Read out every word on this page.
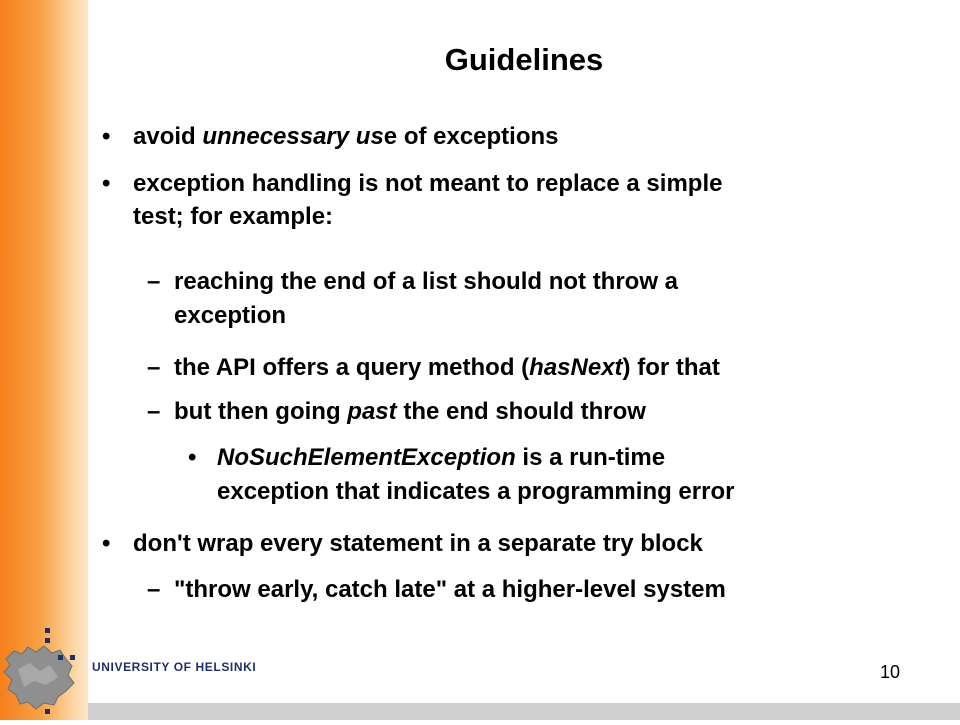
Guidelines
• avoid unnecessary use of exceptions
• exception handling is not meant to replace a simple
test; for example:
– reaching the end of a list should not throw a
exception
– the API offers a query method (hasNext) for that
– but then going past the end should throw
• NoSuchElementException is a run-time
exception that indicates a programming error
• don't wrap every statement in a separate try block
– "throw early, catch late" at a higher-level system
UNIVERSITY OF HELSINKI	10
